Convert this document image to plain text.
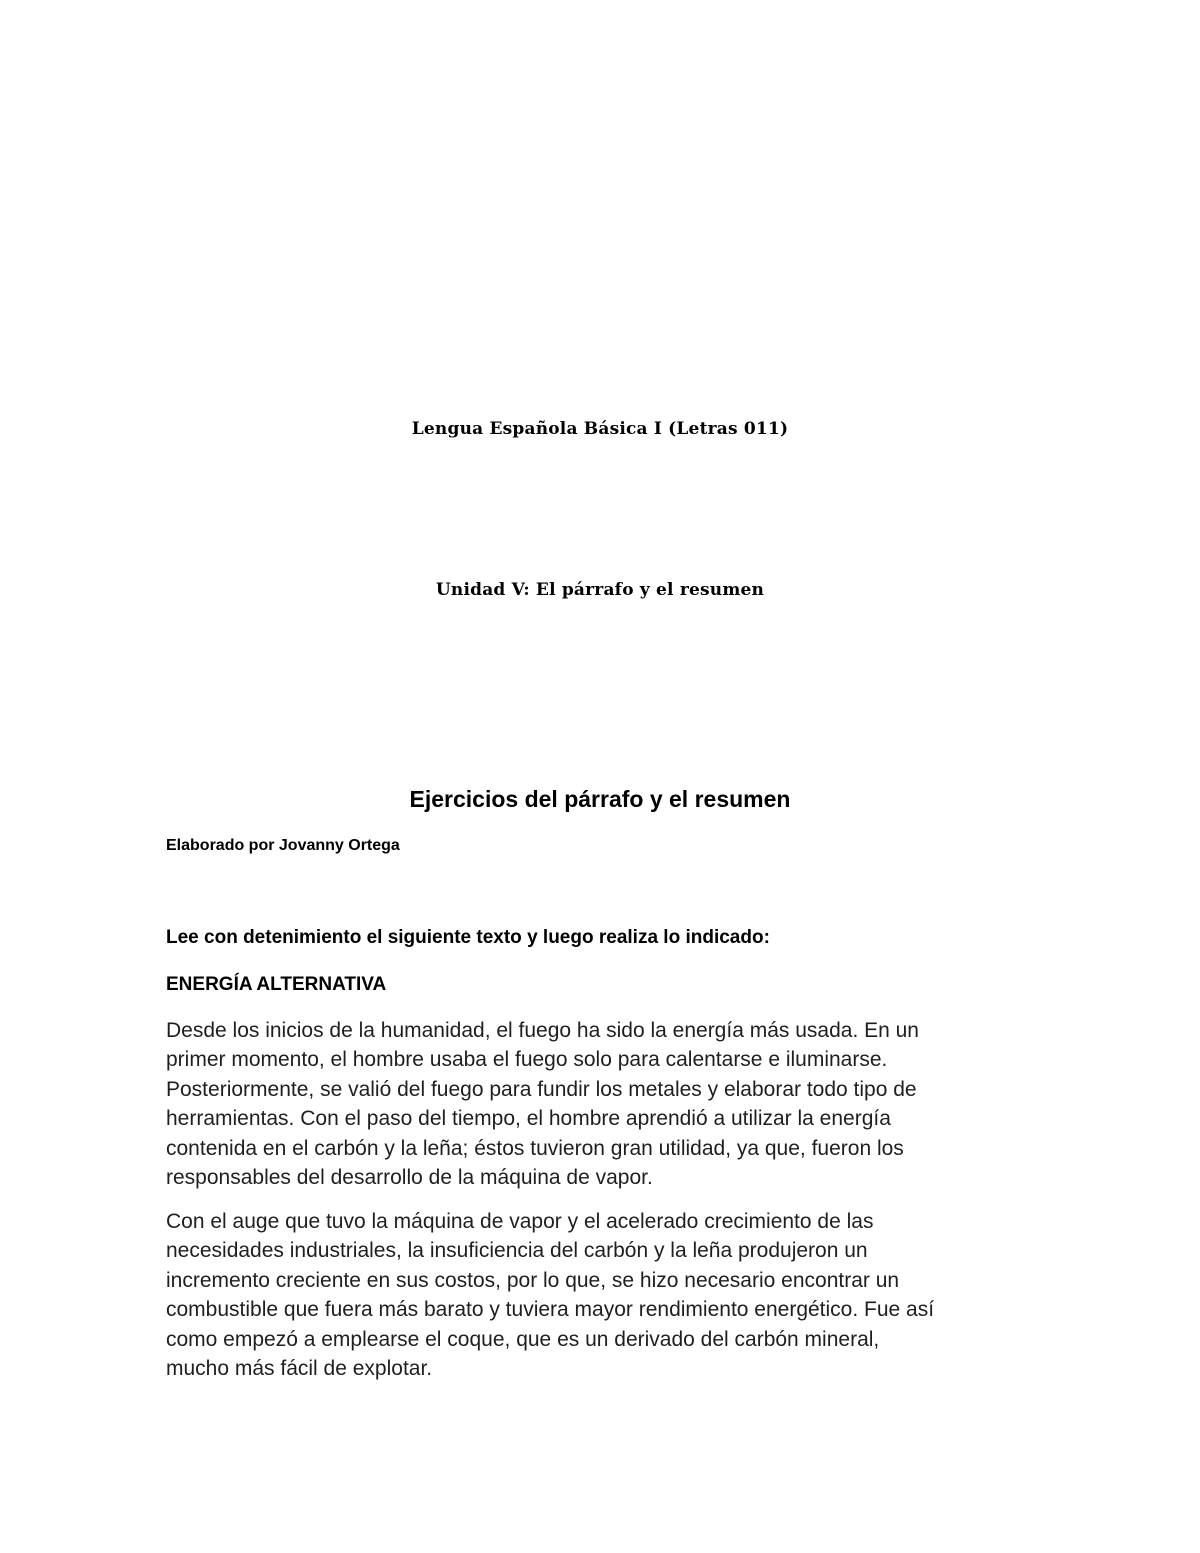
Lengua Española Básica I (Letras 011)
Unidad V: El párrafo y el resumen
Ejercicios del párrafo y el resumen
Elaborado por Jovanny Ortega
Lee con detenimiento el siguiente texto y luego realiza lo indicado:
ENERGÍA ALTERNATIVA

Desde los inicios de la humanidad, el fuego ha sido la energía más usada. En un
primer momento, el hombre usaba el fuego solo para calentarse e iluminarse.
Posteriormente, se valió del fuego para fundir los metales y elaborar todo tipo de
herramientas. Con el paso del tiempo, el hombre aprendió a utilizar la energía
contenida en el carbón y la leña; éstos tuvieron gran utilidad, ya que, fueron los
responsables del desarrollo de la máquina de vapor.

Con el auge que tuvo la máquina de vapor y el acelerado crecimiento de las
necesidades industriales, la insuficiencia del carbón y la leña produjeron un
incremento creciente en sus costos, por lo que, se hizo necesario encontrar un
combustible que fuera más barato y tuviera mayor rendimiento energético. Fue así
como empezó a emplearse el coque, que es un derivado del carbón mineral,
mucho más fácil de explotar.
